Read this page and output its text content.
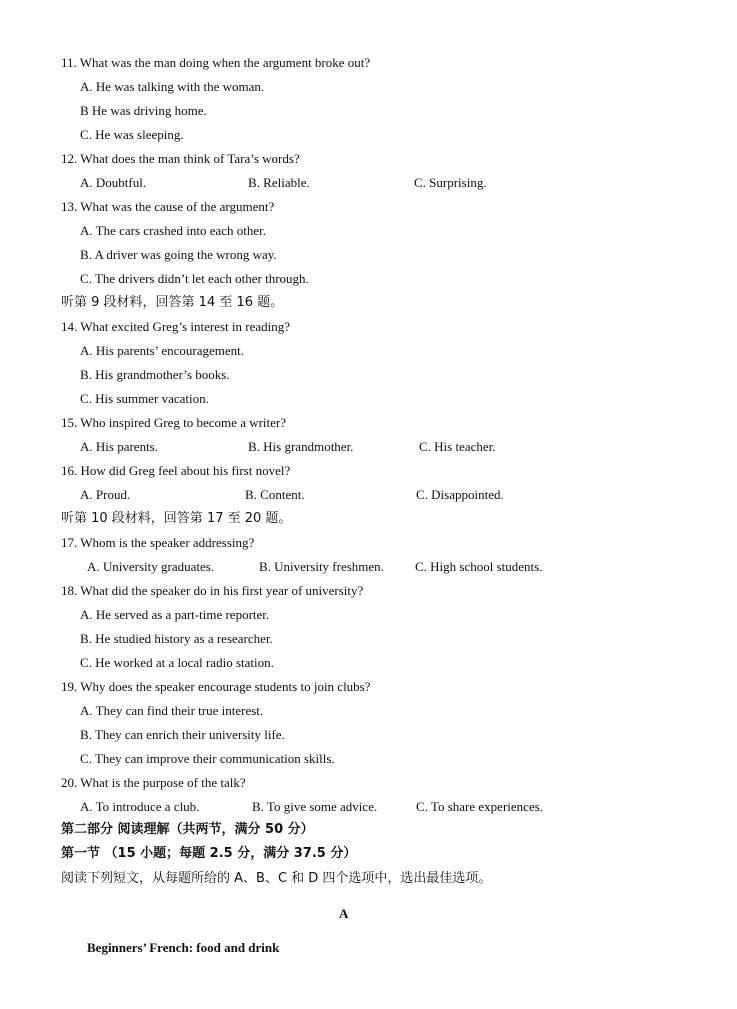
11. What was the man doing when the argument broke out?
A. He was talking with the woman.
B He was driving home.
C. He was sleeping.
12. What does the man think of Tara’s words?
A. Doubtful.	B. Reliable.	C. Surprising.
13. What was the cause of the argument?
A. The cars crashed into each other.
B. A driver was going the wrong way.
C. The drivers didn’t let each other through.
听第 9 段材料，回答第 14 至 16 题。
14. What excited Greg’s interest in reading?
A. His parents’ encouragement.
B. His grandmother’s books.
C. His summer vacation.
15. Who inspired Greg to become a writer?
A. His parents.	B. His grandmother.	C. His teacher.
16. How did Greg feel about his first novel?
A. Proud.	B. Content.	C. Disappointed.
听第 10 段材料，回答第 17 至 20 题。
17. Whom is the speaker addressing?
A. University graduates.	B. University freshmen. C. High school students.
18. What did the speaker do in his first year of university?
A. He served as a part-time reporter.
B. He studied history as a researcher.
C. He worked at a local radio station.
19. Why does the speaker encourage students to join clubs?
A. They can find their true interest.
B. They can enrich their university life.
C. They can improve their communication skills.
20. What is the purpose of the talk?
A. To introduce a club.	B. To give some advice.	C. To share experiences.
第二部分 阅读理解（共两节，满分 50 分）
第一节 （15 小题；每题 2.5 分，满分 37.5 分）
阅读下列短文，从每题所给的 A、B、C 和 D 四个选项中，选出最佳选项。
A
Beginners’ French: food and drink
